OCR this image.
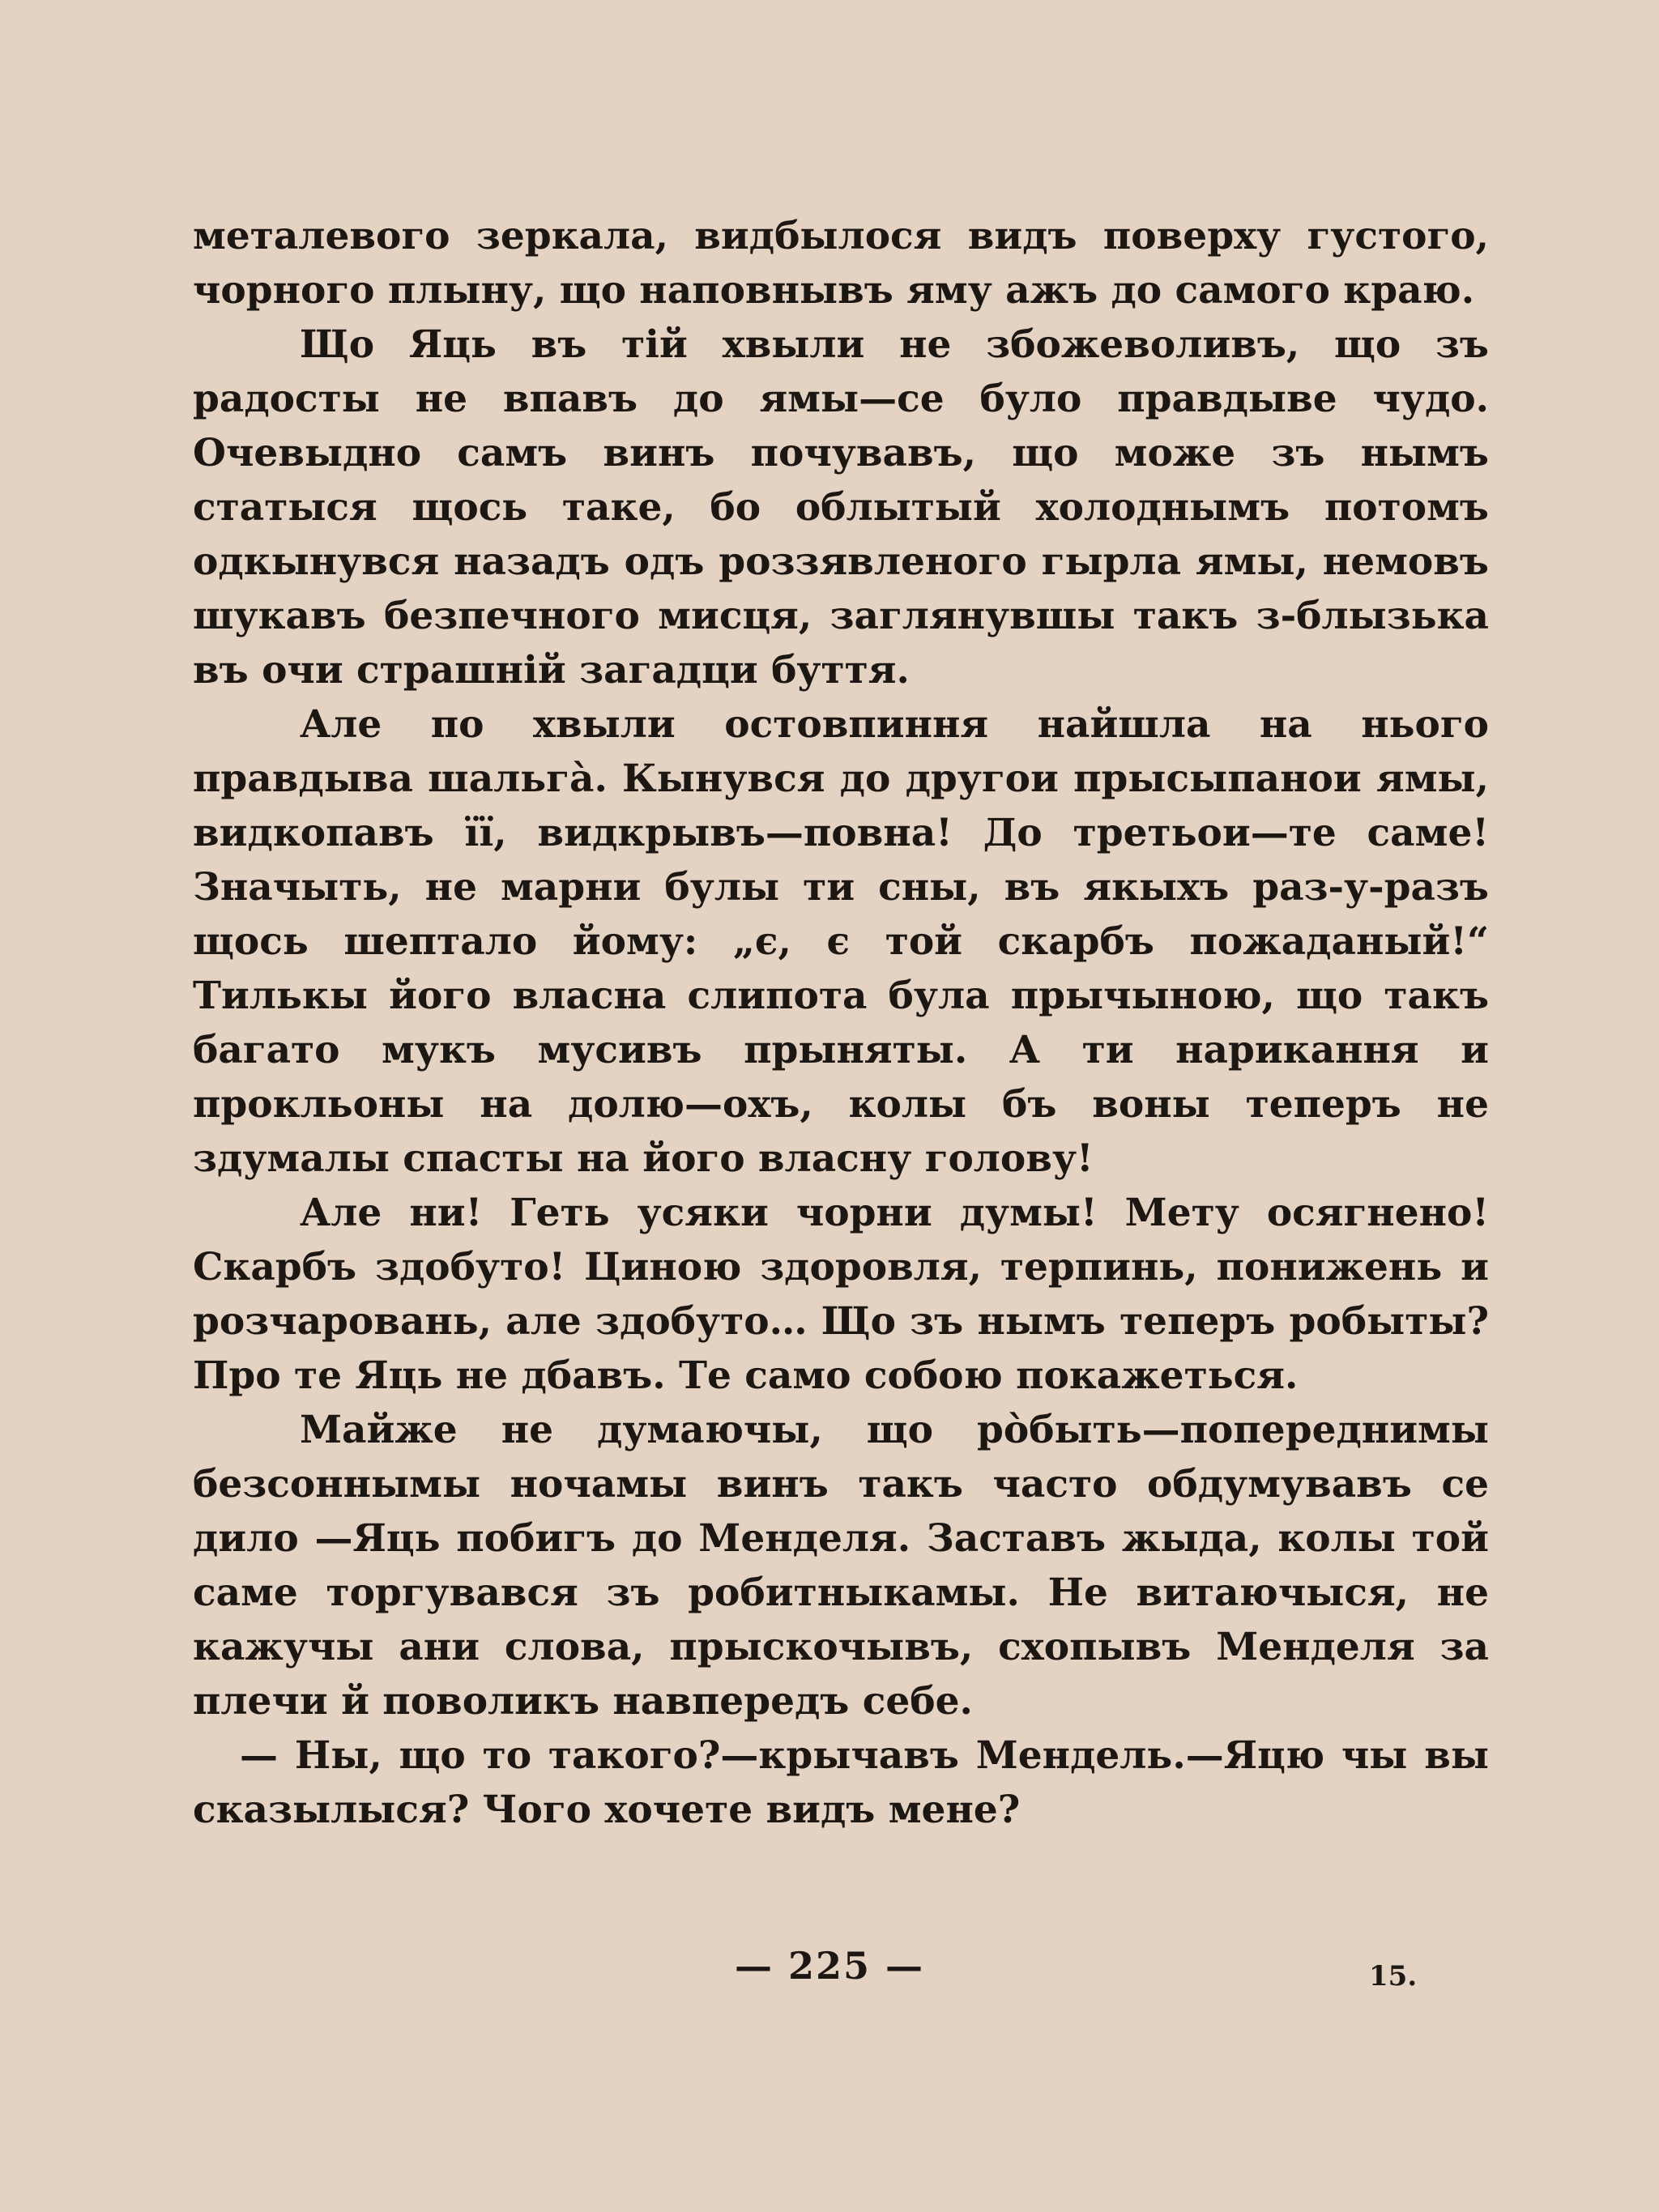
металевого зеркала, видбылося видъ поверху густого, чорного плыну, що наповнывъ яму ажъ до самого краю.

Що Яць въ тій хвыли не збожеволивъ, що зъ радосты не впавъ до ямы—се було правдыве чудо. Очевыдно самъ винъ почувавъ, що може зъ нымъ статыся щось таке, бо облытый холоднымъ потомъ одкынувся назадъ одъ роззявленого гырла ямы, немовъ шукавъ безпечного мисця, заглянувшы такъ з-блызька въ очи страшній загадци буття.

Але по хвыли остовпиння найшла на нього правдыва шальгà. Кынувся до другои прысыпанои ямы, видкопавъ її, видкрывъ—повна! До третьои—те саме! Значыть, не марни булы ти сны, въ якыхъ раз-у-разъ щось шептало йому: „є, є той скарбъ пожаданый!“ Тилькы його власна слипота була прычыною, що такъ багато мукъ мусивъ прыняты. А ти нарикання и прокльоны на долю—охъ, колы бъ воны теперъ не здумалы спасты на його власну голову!

Але ни! Геть усяки чорни думы! Мету осягнено! Скарбъ здобуто! Циною здоровля, терпинь, понижень и розчаровань, але здобуто… Що зъ нымъ теперъ робыты? Про те Яць не дбавъ. Те само собою покажеться.

Майже не думаючы, що рòбыть—попереднимы безсоннымы ночамы винъ такъ часто обдумувавъ се дило —Яць побигъ до Менделя. Заставъ жыда, колы той саме торгувався зъ робитныкамы. Не витаючыся, не кажучы ани слова, прыскочывъ, схопывъ Менделя за плечи й поволикъ навпередъ себе.

— Ны, що то такого?—крычавъ Мендель.—Яцю чы вы сказылыся? Чого хочете видъ мене?

— 225 —	15.
